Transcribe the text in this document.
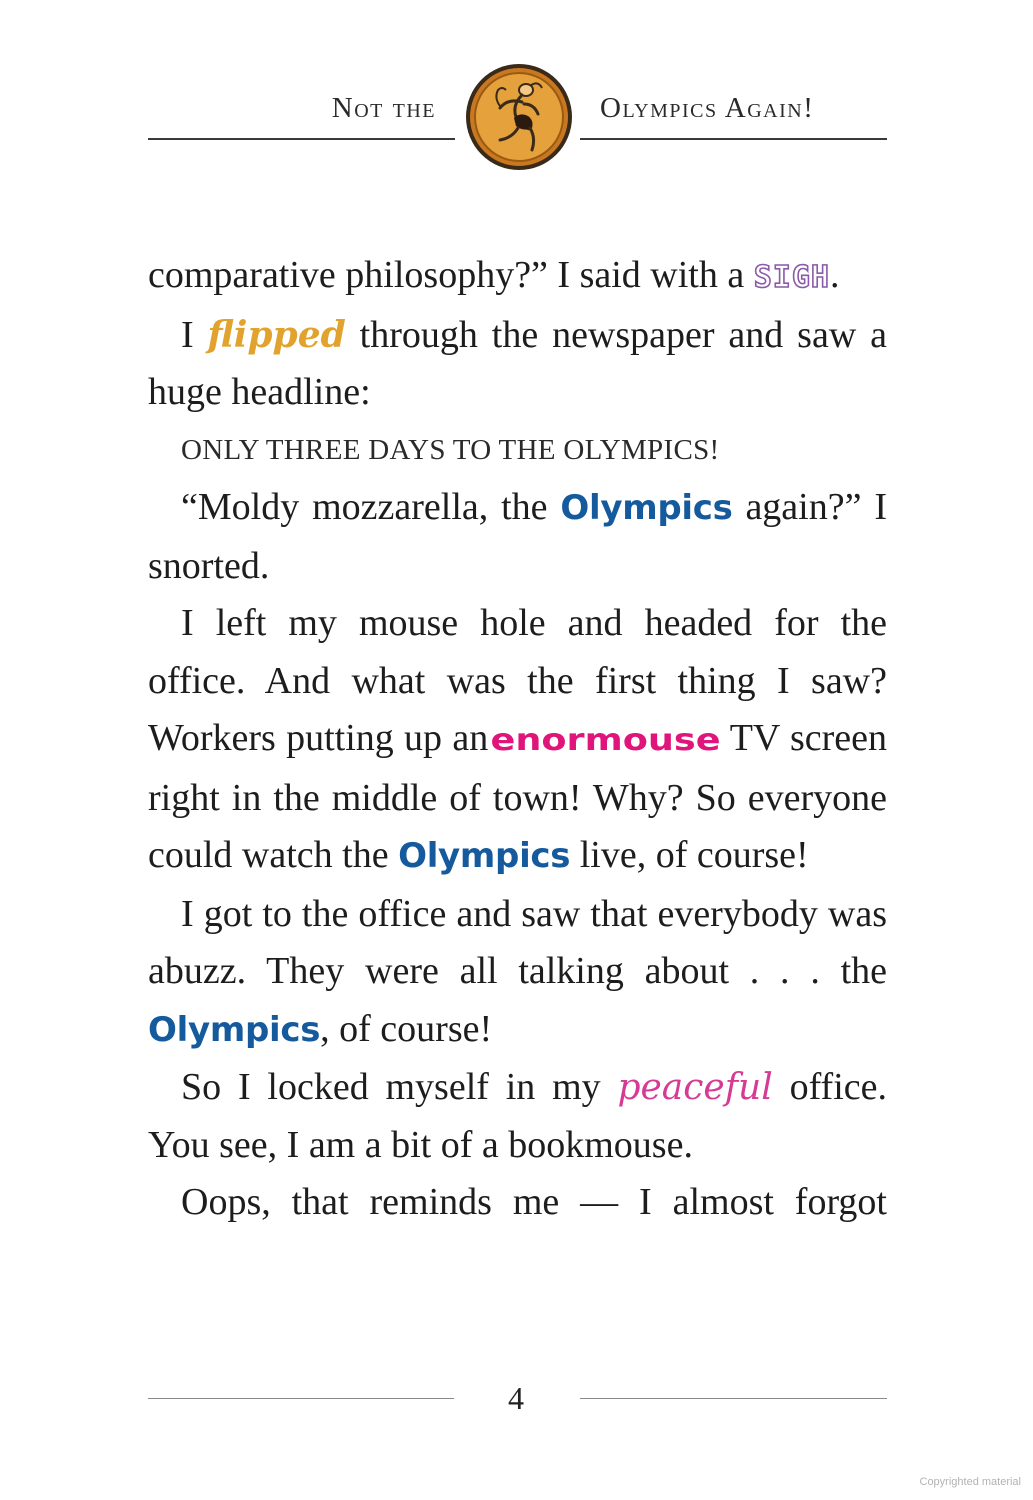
Not the	Olympics Again!

comparative philosophy?” I said with a SIGH.

I flipped through the newspaper and saw a huge headline:

ONLY THREE DAYS TO THE OLYMPICS!

“Moldy mozzarella, the Olympics again?” I snorted.

I left my mouse hole and headed for the office. And what was the first thing I saw? Workers putting up an enormouse TV screen right in the middle of town! Why? So everyone could watch the Olympics live, of course!

I got to the office and saw that everybody was abuzz. They were all talking about . . . the Olympics, of course!

So I locked myself in my peaceful office. You see, I am a bit of a bookmouse.

Oops, that reminds me — I almost forgot

4
Copyrighted material
